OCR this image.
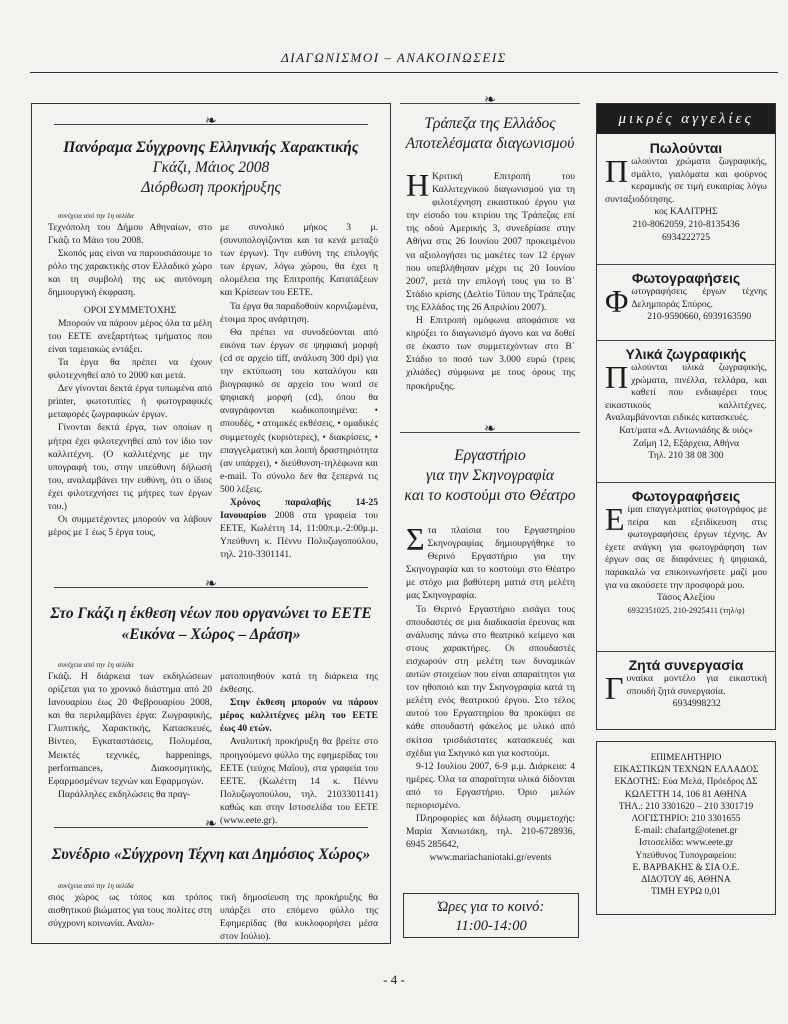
ΔΙΑΓΩΝΙΣΜΟΙ – ΑΝΑΚΟΙΝΩΣΕΙΣ
❧
Πανόραμα Σύγχρονης Ελληνικής Χαρακτικής
Γκάζι, Μάιος 2008
Διόρθωση προκήρυξης

συνέχεια από την 1η σελίδα

Τεχνόπολη του Δήμου Αθηναίων, στο Γκάζι το Μάιο του 2008.

Σκοπός μας είναι να παρουσιάσουμε το ρόλο της χαρακτικής στον Ελλαδικό χώρο και τη συμβολή της ως αυτόνομη δημιουργική έκφραση.

ΟΡΟΙ ΣΥΜΜΕΤΟΧΗΣ

Μπορούν να πάρουν μέρος όλα τα μέλη του ΕΕΤΕ ανεξαρτήτως τμήματος που είναι ταμειακώς εντάξει.

Τα έργα θα πρέπει να έχουν φιλοτεχνηθεί από το 2000 και μετά.

Δεν γίνονται δεκτά έργα τυπωμένα από printer, φωτοτυπίες ή φωτογραφικές μεταφορές ζωγραφικών έργων.

Γίνονται δεκτά έργα, των οποίων η μήτρα έχει φιλοτεχνηθεί από τον ίδιο τον καλλιτέχνη. (Ο καλλιτέχνης με την υπογραφή του, στην υπεύθυνη δήλωσή του, αναλαμβάνει την ευθύνη, ότι ο ίδιος έχει φιλοτεχνήσει τις μήτρες των έργων του.)

Οι συμμετέχοντες μπορούν να λάβουν μέρος με 1 έως 5 έργα τους,

με συνολικό μήκος 3 μ. (συνυπολογίζονται και τα κενά μεταξύ των έργων). Την ευθύνη της επιλογής των έργων, λόγω χώρου, θα έχει η ολομέλεια της Επιτροπής Κατατάξεων και Κρίσεων του ΕΕΤΕ.

Τα έργα θα παραδοθούν κορνιζωμένα, έτοιμα προς ανάρτηση.

Θα πρέπει να συνοδεύονται από εικόνα των έργων σε ψηφιακή μορφή (cd σε αρχείο tiff, ανάλυση 300 dpi) για την εκτύπωση του καταλόγου και βιογραφικό σε αρχείο του word σε ψηφιακή μορφή (cd), όπου θα αναγράφονται κωδικοποιημένα: • σπουδές, • ατομικές εκθέσεις, • ομαδικές συμμετοχές (κυριότερες), • διακρίσεις, • επαγγελματική και λοιπή δραστηριότητα (αν υπάρχει), • διεύθυνση-τηλέφωνα και e-mail. Το σύνολο δεν θα ξεπερνά τις 500 λέξεις.

Χρόνος παραλαβής 14-25 Ιανουαρίου 2008 στα γραφεία του ΕΕΤΕ, Κωλέττη 14, 11:00π.μ.-2:00μ.μ. Υπεύθυνη κ. Πέννυ Πολυζωγοπούλου, τηλ. 210-3301141.

❧
Στο Γκάζι η έκθεση νέων που οργανώνει το ΕΕΤΕ
«Εικόνα – Χώρος – Δράση»

συνέχεια από την 1η σελίδα

Γκάζι. Η διάρκεια των εκδηλώσεων ορίζεται για το χρονικό διάστημα από 20 Ιανουαρίου έως 20 Φεβρουαρίου 2008, και θα περιλαμβάνει έργα: Ζωγραφικής, Γλυπτικής, Χαρακτικής, Κατασκευές, Βίντεο, Εγκαταστάσεις, Πολυμέσα, Μεικτές τεχνικές, happenings, performances, Διακοσμητικής, Εφαρμοσμένων τεχνών και Εφαρμογών.

Παράλληλες εκδηλώσεις θα πραγ-

ματοποιηθούν κατά τη διάρκεια της έκθεσης.

Στην έκθεση μπορούν να πάρουν μέρος καλλιτέχνες μέλη του ΕΕΤΕ έως 40 ετών.

Αναλυτική προκήρυξη θα βρείτε στο προηγούμενο φύλλο της εφημερίδας του ΕΕΤΕ (τεύχος Μαΐου), στα γραφεία του ΕΕΤΕ. (Κωλέττη 14 κ. Πέννυ Πολυζωγοπούλου, τηλ. 2103301141) καθώς και στην Ιστοσελίδα του ΕΕΤΕ (www.eete.gr).

❧
Συνέδριο «Σύγχρονη Τέχνη και Δημόσιος Χώρος»

συνέχεια από την 1η σελίδα

σιος χώρος ως τόπος και τρόπος αισθητικού βιώματος για τους πολίτες στη σύγχρονη κοινωνία. Αναλυ-

τική δημοσίευση της προκήρυξης θα υπάρξει στο επόμενο φύλλο της Εφημερίδας (θα κυκλοφορήσει μέσα στον Ιούλιο).

❧
Τράπεζα της Ελλάδος
Αποτελέσματα διαγωνισμού

Η Κριτική Επιτροπή του Καλλιτεχνικού διαγωνισμού για τη φιλοτέχνηση εικαστικού έργου για την είσοδο του κτιρίου της Τράπεζας επί της οδού Αμερικής 3, συνεδρίασε στην Αθήνα στις 26 Ιουνίου 2007 προκειμένου να αξιολογήσει τις μακέτες των 12 έργων που υπεβλήθησαν μέχρι τις 20 Ιουνίου 2007, μετά την επιλογή τους για το Β΄ Στάδιο κρίσης (Δελτίο Τύπου της Τράπεζας της Ελλάδος της 26 Απριλίου 2007).

Η Επιτροπή ομόφωνα αποφάσισε να κηρύξει το διαγωνισμό άγονο και να δοθεί σε έκαστο των συμμετεχόντων στο Β΄ Στάδιο το ποσό των 3.000 ευρώ (τρεις χιλιάδες) σύμφωνα με τους όρους της προκήρυξης.

❧
Εργαστήριο
για την Σκηνογραφία
και το κοστούμι στο Θέατρο

Στα πλαίσια του Εργαστηρίου Σκηνογραφίας δημιουργήθηκε το Θερινό Εργαστήριο για την Σκηνογραφία και το κοστούμι στο Θέατρο με στόχο μια βαθύτερη ματιά στη μελέτη μας Σκηνογραφία.

Το Θερινό Εργαστήριο εισάγει τους σπουδαστές σε μια διαδικασία έρευνας και ανάλυσης πάνω στο θεατρικό κείμενο και στους χαρακτήρες. Οι σπουδαστές εισχωρούν στη μελέτη των δυναμικών αυτών στοιχείων που είναι απαραίτητοι για τον ηθοποιό και την Σκηνογραφία κατά τη μελέτη ενός θεατρικού έργου. Στο τέλος αυτού του Εργαστηρίου θα προκύψει σε κάθε σπουδαστή φάκελος με υλικό από σκίτσα τρισδιάστατες κατασκευές και σχέδια για Σκηνικό και για κοστούμι.

9-12 Ιουλίου 2007, 6-9 μ.μ. Διάρκεια: 4 ημέρες. Όλα τα απαραίτητα υλικά δίδονται από το Εργαστήριο. Όριο μελών περιορισμένο.

Πληροφορίες και δήλωση συμμετοχής: Μαρία Χανιωτάκη, τηλ. 210-6728936, 6945 285642,

www.mariachaniotaki.gr/events

Ώρες για το κοινό:
11:00-14:00
μικρές αγγελίες
Πωλούνται

Πωλούνται χρώματα ζωγραφικής, σμάλτο, γιαλόματα και φούρνος κεραμικής σε τιμή ευκαιρίας λόγω συνταξιοδότησης.

κος ΚΑΛΙΤΡΗΣ

210-8062059, 210-8135436

6934222725

Φωτογραφήσεις

Φωτογραφήσεις έργων τέχνης Δελημποράς Σπύρος.

210-9590660, 6939163590

Υλικά ζωγραφικής

Πωλούνται υλικά ζωγραφικής, χρώματα, πινέλλα, τελλάρα, και καθετί που ενδιαφέρει τους εικαστικούς καλλιτέχνες. Αναλαμβάνονται ειδικές κατασκευές.

Κατ/ματα «Δ. Αντωνιάδης & υιός»

Ζαΐμη 12, Εξάρχεια, Αθήνα

Τηλ. 210 38 08 300

Φωτογραφήσεις

Είμαι επαγγελματίας φωτογράφος με πείρα και εξειδίκευση στις φωτογραφήσεις έργων τέχνης. Αν έχετε ανάγκη για φωτογράφηση των έργων σας σε διαφάνειες ή ψηφιακά, παρακαλώ να επικοινωνήσετε μαζί μου για να ακούσετε την προσφορά μου.

Τάσος Αλεξίου

6932351025, 210-2925411 (τηλ/φ)

Ζητά συνεργασία

Γυναίκα μοντέλο για εικαστική σπουδή ζητά συνεργασία.

6934998232

ΕΠΙΜΕΛΗΤΗΡΙΟ

ΕΙΚΑΣΤΙΚΩΝ ΤΕΧΝΩΝ ΕΛΛΑΔΟΣ

ΕΚΔΟΤΗΣ: Εύα Μελά, Πρόεδρος ΔΣ

ΚΩΛΕΤΤΗ 14, 106 81 ΑΘΗΝΑ

ΤΗΛ.: 210 3301620 – 210 3301719

ΛΟΓΙΣΤΗΡΙΟ: 210 3301655

E-mail: chafartg@otenet.gr

Ιστοσελίδα: www.eete.gr

Υπεύθυνος Τυπογραφείου:

Ε. ΒΑΡΒΑΚΗΣ & ΣΙΑ Ο.Ε.

ΔΙΔΟΤΟΥ 46, ΑΘΗΝΑ

ΤΙΜΗ ΕΥΡΩ 0,01

- 4 -
